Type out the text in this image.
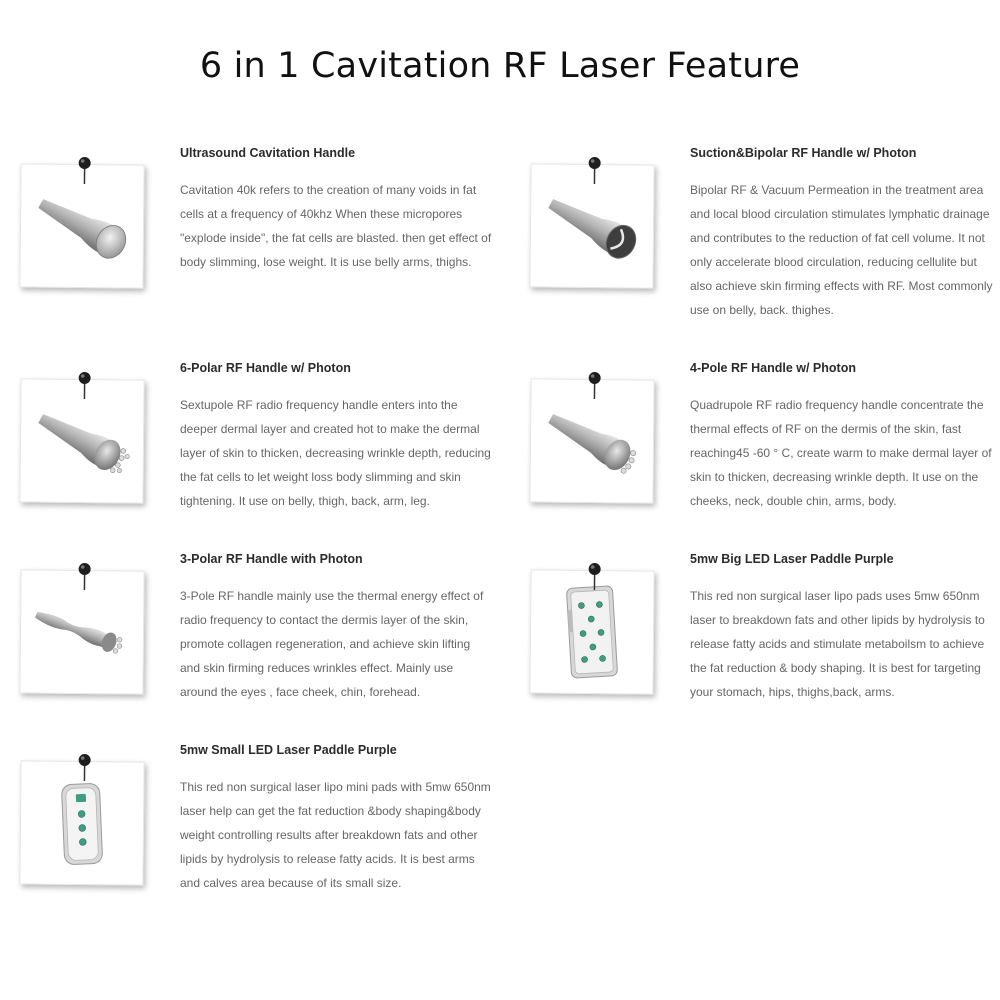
6 in 1 Cavitation RF Laser Feature
Ultrasound Cavitation Handle
Cavitation 40k refers to the creation of many voids in fat cells at a frequency of 40khz When these micropores "explode inside", the fat cells are blasted. then get effect of body slimming, lose weight. It is use belly arms, thighs.
Suction&Bipolar RF Handle w/ Photon
Bipolar RF & Vacuum Permeation in the treatment area and local blood circulation stimulates lymphatic drainage and contributes to the reduction of fat cell volume. It not only accelerate blood circulation, reducing cellulite but also achieve skin firming effects with RF. Most commonly use on belly, back. thighes.
6-Polar RF Handle w/ Photon
Sextupole RF radio frequency handle enters into the deeper dermal layer and created hot to make the dermal layer of skin to thicken, decreasing wrinkle depth, reducing the fat cells to let weight loss body slimming and skin tightening. It use on belly, thigh, back, arm, leg.
4-Pole RF Handle w/ Photon
Quadrupole RF radio frequency handle concentrate the thermal effects of RF on the dermis of the skin, fast reaching45 -60 ° C, create warm to make dermal layer of skin to thicken, decreasing wrinkle depth. It use on the cheeks, neck, double chin, arms, body.
3-Polar RF Handle with Photon
3-Pole RF handle mainly use the thermal energy effect of radio frequency to contact the dermis layer of the skin, promote collagen regeneration, and achieve skin lifting and skin firming reduces wrinkles effect. Mainly use around the eyes , face cheek, chin, forehead.
5mw Big LED Laser Paddle Purple
This red non surgical laser lipo pads uses 5mw 650nm laser to breakdown fats and other lipids by hydrolysis to release fatty acids and stimulate metaboilsm to achieve the fat reduction & body shaping. It is best for targeting your stomach, hips, thighs,back, arms.
5mw Small LED Laser Paddle Purple
This red non surgical laser lipo mini pads with 5mw 650nm laser help can get the fat reduction &body shaping&body weight controlling results after breakdown fats and other lipids by hydrolysis to release fatty acids. It is best arms and calves area because of its small size.
